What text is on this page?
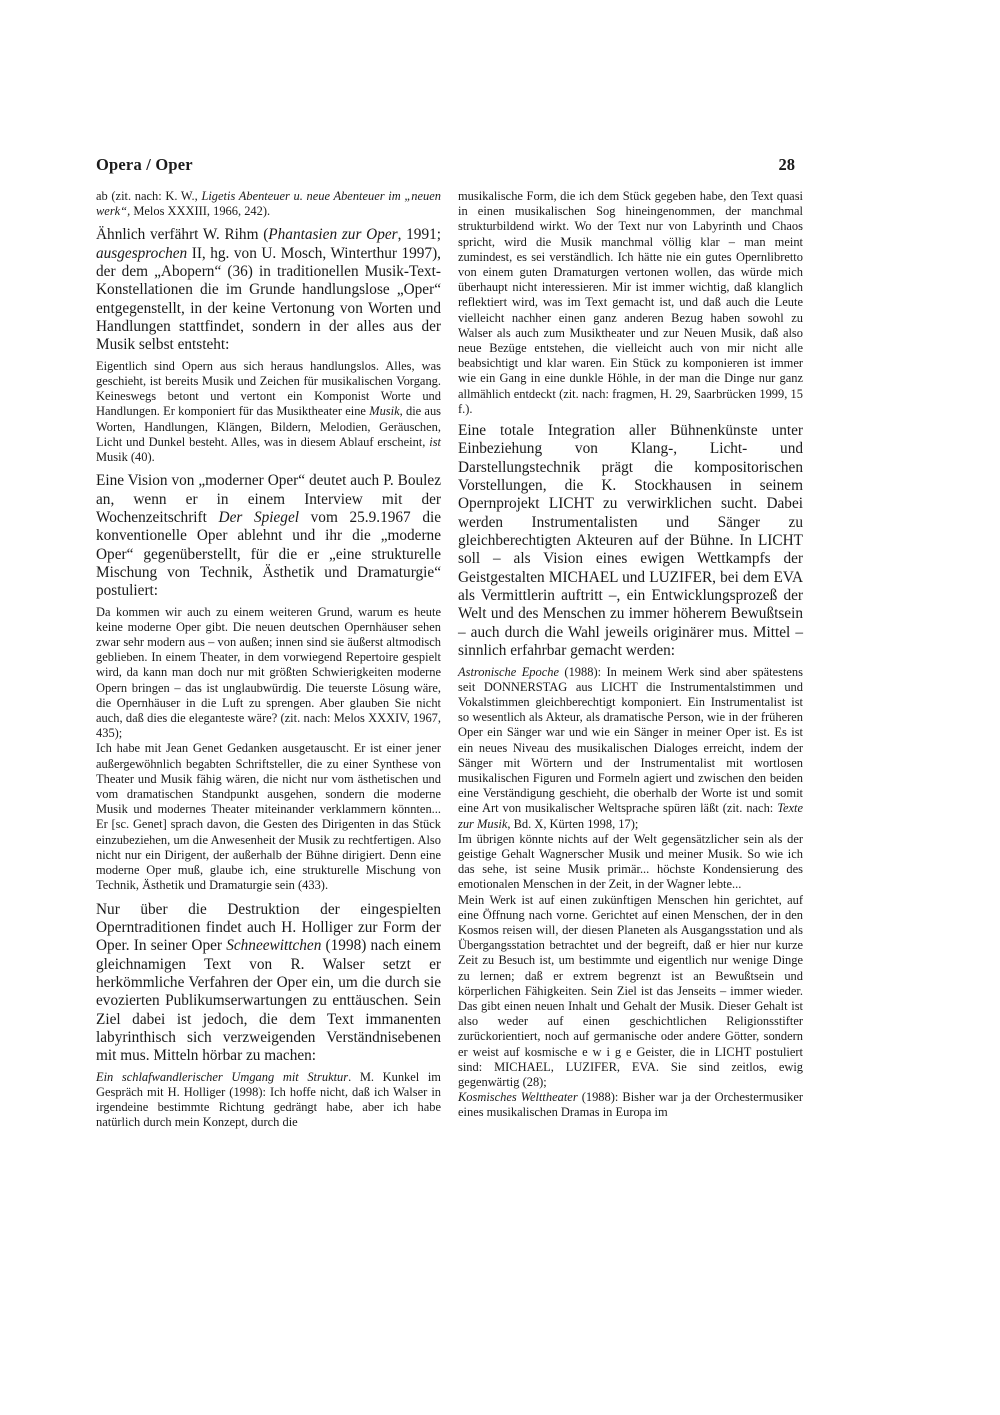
Opera / Oper	28

ab (zit. nach: K. W., Ligetis Abenteuer u. neue Abenteuer im „neuen werk“, Melos XXXIII, 1966, 242).

Ähnlich verfährt W. Rihm (Phantasien zur Oper, 1991; ausgesprochen II, hg. von U. Mosch, Winterthur 1997), der dem „Abopern“ (36) in traditionellen Musik-Text-Konstellationen die im Grunde handlungslose „Oper“ entgegenstellt, in der keine Vertonung von Worten und Handlungen stattfindet, sondern in der alles aus der Musik selbst entsteht:

Eigentlich sind Opern aus sich heraus handlungslos. Alles, was geschieht, ist bereits Musik und Zeichen für musikalischen Vorgang. Keineswegs betont und vertont ein Komponist Worte und Handlungen. Er komponiert für das Musiktheater eine Musik, die aus Worten, Handlungen, Klängen, Bildern, Melodien, Geräuschen, Licht und Dunkel besteht. Alles, was in diesem Ablauf erscheint, ist Musik (40).

Eine Vision von „moderner Oper“ deutet auch P. Boulez an, wenn er in einem Interview mit der Wochenzeitschrift Der Spiegel vom 25.9.1967 die konventionelle Oper ablehnt und ihr die „moderne Oper“ gegenüberstellt, für die er „eine strukturelle Mischung von Technik, Ästhetik und Dramaturgie“ postuliert:

Da kommen wir auch zu einem weiteren Grund, warum es heute keine moderne Oper gibt. Die neuen deutschen Opernhäuser sehen zwar sehr modern aus – von außen; innen sind sie äußerst altmodisch geblieben. In einem Theater, in dem vorwiegend Repertoire gespielt wird, da kann man doch nur mit größten Schwierigkeiten moderne Opern bringen – das ist unglaubwürdig. Die teuerste Lösung wäre, die Opernhäuser in die Luft zu sprengen. Aber glauben Sie nicht auch, daß dies die eleganteste wäre? (zit. nach: Melos XXXIV, 1967, 435);

Ich habe mit Jean Genet Gedanken ausgetauscht. Er ist einer jener außergewöhnlich begabten Schriftsteller, die zu einer Synthese von Theater und Musik fähig wären, die nicht nur vom ästhetischen und vom dramatischen Standpunkt ausgehen, sondern die moderne Musik und modernes Theater miteinander verklammern könnten... Er [sc. Genet] sprach davon, die Gesten des Dirigenten in das Stück einzubeziehen, um die Anwesenheit der Musik zu rechtfertigen. Also nicht nur ein Dirigent, der außerhalb der Bühne dirigiert. Denn eine moderne Oper muß, glaube ich, eine strukturelle Mischung von Technik, Ästhetik und Dramaturgie sein (433).

Nur über die Destruktion der eingespielten Operntraditionen findet auch H. Holliger zur Form der Oper. In seiner Oper Schneewittchen (1998) nach einem gleichnamigen Text von R. Walser setzt er herkömmliche Verfahren der Oper ein, um die durch sie evozierten Publikumserwartungen zu enttäuschen. Sein Ziel dabei ist jedoch, die dem Text immanenten labyrinthisch sich verzweigenden Verständnisebenen mit mus. Mitteln hörbar zu machen:

Ein schlafwandlerischer Umgang mit Struktur. M. Kunkel im Gespräch mit H. Holliger (1998): Ich hoffe nicht, daß ich Walser in irgendeine bestimmte Richtung gedrängt habe, aber ich habe natürlich durch mein Konzept, durch die

musikalische Form, die ich dem Stück gegeben habe, den Text quasi in einen musikalischen Sog hineingenommen, der manchmal strukturbildend wirkt. Wo der Text nur von Labyrinth und Chaos spricht, wird die Musik manchmal völlig klar – man meint zumindest, es sei verständlich. Ich hätte nie ein gutes Opernlibretto von einem guten Dramaturgen vertonen wollen, das würde mich überhaupt nicht interessieren. Mir ist immer wichtig, daß klanglich reflektiert wird, was im Text gemacht ist, und daß auch die Leute vielleicht nachher einen ganz anderen Bezug haben sowohl zu Walser als auch zum Musiktheater und zur Neuen Musik, daß also neue Bezüge entstehen, die vielleicht auch von mir nicht alle beabsichtigt und klar waren. Ein Stück zu komponieren ist immer wie ein Gang in eine dunkle Höhle, in der man die Dinge nur ganz allmählich entdeckt (zit. nach: fragmen, H. 29, Saarbrücken 1999, 15 f.).

Eine totale Integration aller Bühnenkünste unter Einbeziehung von Klang-, Licht- und Darstellungstechnik prägt die kompositorischen Vorstellungen, die K. Stockhausen in seinem Opernprojekt LICHT zu verwirklichen sucht. Dabei werden Instrumentalisten und Sänger zu gleichberechtigten Akteuren auf der Bühne. In LICHT soll – als Vision eines ewigen Wettkampfs der Geistgestalten MICHAEL und LUZIFER, bei dem EVA als Vermittlerin auftritt –, ein Entwicklungsprozeß der Welt und des Menschen zu immer höherem Bewußtsein – auch durch die Wahl jeweils originärer mus. Mittel – sinnlich erfahrbar gemacht werden:

Astronische Epoche (1988): In meinem Werk sind aber spätestens seit DONNERSTAG aus LICHT die Instrumentalstimmen und Vokalstimmen gleichberechtigt komponiert. Ein Instrumentalist ist so wesentlich als Akteur, als dramatische Person, wie in der früheren Oper ein Sänger war und wie ein Sänger in meiner Oper ist. Es ist ein neues Niveau des musikalischen Dialoges erreicht, indem der Sänger mit Wörtern und der Instrumentalist mit wortlosen musikalischen Figuren und Formeln agiert und zwischen den beiden eine Verständigung geschieht, die oberhalb der Worte ist und somit eine Art von musikalischer Weltsprache spüren läßt (zit. nach: Texte zur Musik, Bd. X, Kürten 1998, 17);

Im übrigen könnte nichts auf der Welt gegensätzlicher sein als der geistige Gehalt Wagnerscher Musik und meiner Musik. So wie ich das sehe, ist seine Musik primär... höchste Kondensierung des emotionalen Menschen in der Zeit, in der Wagner lebte...

Mein Werk ist auf einen zukünftigen Menschen hin gerichtet, auf eine Öffnung nach vorne. Gerichtet auf einen Menschen, der in den Kosmos reisen will, der diesen Planeten als Ausgangsstation und als Übergangsstation betrachtet und der begreift, daß er hier nur kurze Zeit zu Besuch ist, um bestimmte und eigentlich nur wenige Dinge zu lernen; daß er extrem begrenzt ist an Bewußtsein und körperlichen Fähigkeiten. Sein Ziel ist das Jenseits – immer wieder. Das gibt einen neuen Inhalt und Gehalt der Musik. Dieser Gehalt ist also weder auf einen geschichtlichen Religionsstifter zurückorientiert, noch auf germanische oder andere Götter, sondern er weist auf kosmische e w i g e Geister, die in LICHT postuliert sind: MICHAEL, LUZIFER, EVA. Sie sind zeitlos, ewig gegenwärtig (28);

Kosmisches Welttheater (1988): Bisher war ja der Orchestermusiker eines musikalischen Dramas in Europa im
